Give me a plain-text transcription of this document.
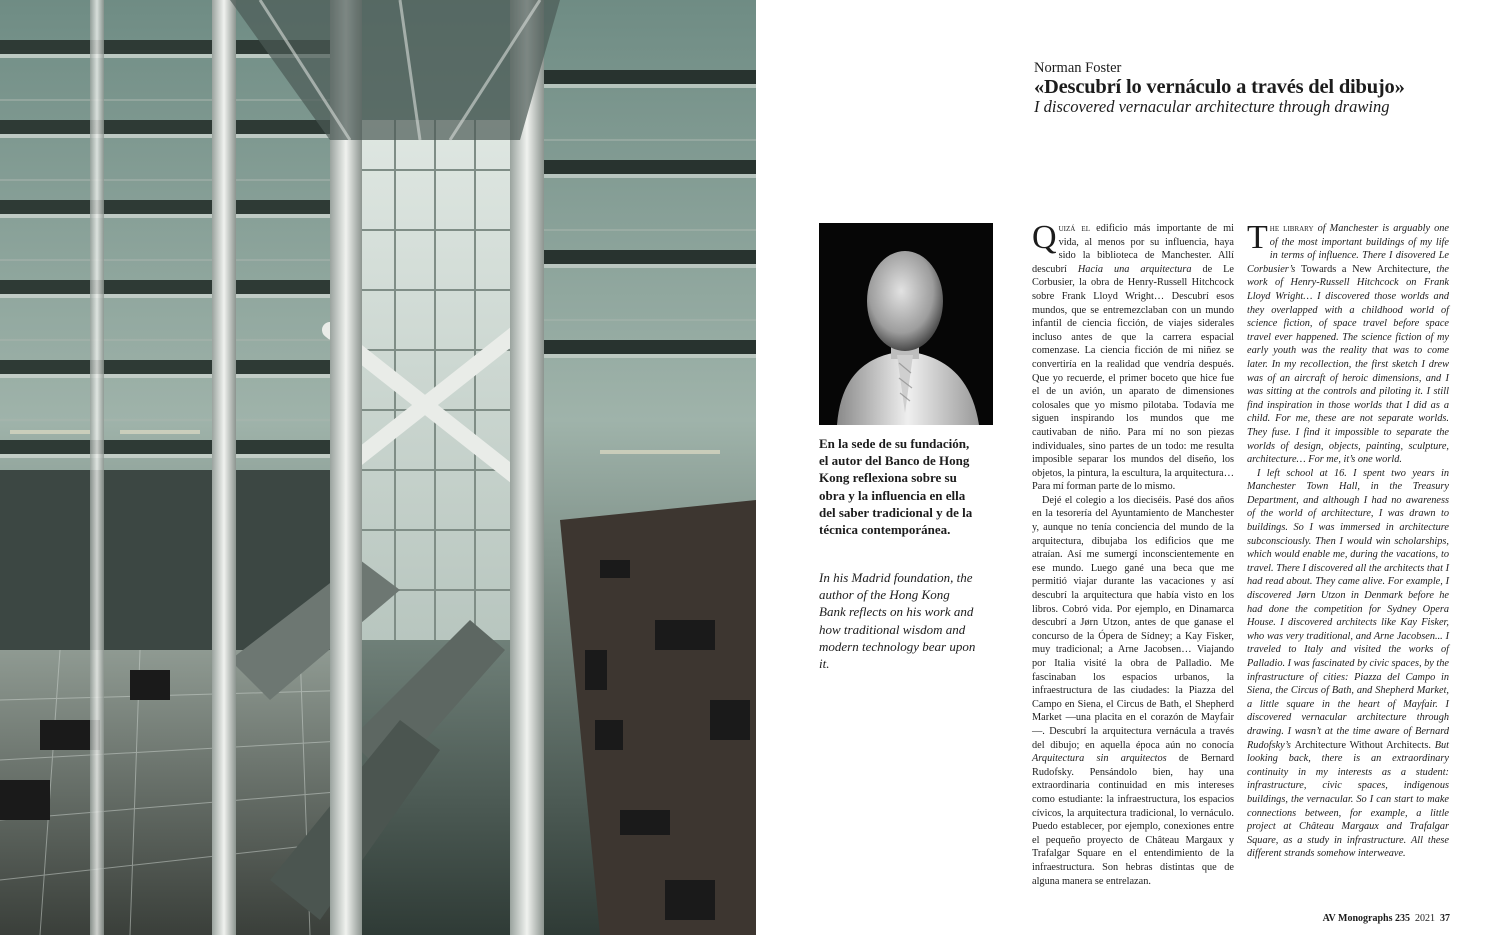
Norman Foster
«Descubrí lo vernáculo a través del dibujo»
I discovered vernacular architecture through drawing
En la sede de su fundación, el autor del Banco de Hong Kong reflexiona sobre su obra y la influencia en ella del saber tradicional y de la técnica contemporánea.
In his Madrid foundation, the author of the Hong Kong Bank reflects on his work and how traditional wisdom and modern technology bear upon it.

Quizá el edificio más importante de mi vida, al menos por su influencia, haya sido la biblioteca de Manchester. Allí descubrí Hacia una arquitectura de Le Corbusier, la obra de Henry-Russell Hitchcock sobre Frank Lloyd Wright… Descubrí esos mundos, que se entremezclaban con un mundo infantil de ciencia ficción, de viajes siderales incluso antes de que la carrera espacial comenzase. La ciencia ficción de mi niñez se convertiría en la realidad que vendría después. Que yo recuerde, el primer boceto que hice fue el de un avión, un aparato de dimensiones colosales que yo mismo pilotaba. Todavía me siguen inspirando los mundos que me cautivaban de niño. Para mí no son piezas individuales, sino partes de un todo: me resulta imposible separar los mundos del diseño, los objetos, la pintura, la escultura, la arquitectura… Para mí forman parte de lo mismo.

Dejé el colegio a los dieciséis. Pasé dos años en la tesorería del Ayuntamiento de Manchester y, aunque no tenía conciencia del mundo de la arquitectura, dibujaba los edificios que me atraían. Así me sumergí inconscientemente en ese mundo. Luego gané una beca que me permitió viajar durante las vacaciones y así descubrí la arquitectura que había visto en los libros. Cobró vida. Por ejemplo, en Dinamarca descubrí a Jørn Utzon, antes de que ganase el concurso de la Ópera de Sídney; a Kay Fisker, muy tradicional; a Arne Jacobsen… Viajando por Italia visité la obra de Palladio. Me fascinaban los espacios urbanos, la infraestructura de las ciudades: la Piazza del Campo en Siena, el Circus de Bath, el Shepherd Market —una placita en el corazón de Mayfair—. Descubrí la arquitectura vernácula a través del dibujo; en aquella época aún no conocía Arquitectura sin arquitectos de Bernard Rudofsky. Pensándolo bien, hay una extraordinaria continuidad en mis intereses como estudiante: la infraestructura, los espacios cívicos, la arquitectura tradicional, lo vernáculo. Puedo establecer, por ejemplo, conexiones entre el pequeño proyecto de Château Margaux y Trafalgar Square en el entendimiento de la infraestructura. Son hebras distintas que de alguna manera se entrelazan.

The library of Manchester is arguably one of the most important buildings of my life in terms of influence. There I disovered Le Corbusier’s Towards a New Architecture, the work of Henry-Russell Hitchcock on Frank Lloyd Wright… I discovered those worlds and they overlapped with a childhood world of science fiction, of space travel before space travel ever happened. The science fiction of my early youth was the reality that was to come later. In my recollection, the first sketch I drew was of an aircraft of heroic dimensions, and I was sitting at the controls and piloting it. I still find inspiration in those worlds that I did as a child. For me, these are not separate worlds. They fuse. I find it impossible to separate the worlds of design, objects, painting, sculpture, architecture… For me, it’s one world.

I left school at 16. I spent two years in Manchester Town Hall, in the Treasury Department, and although I had no awareness of the world of architecture, I was drawn to buildings. So I was immersed in architecture subconsciously. Then I would win scholarships, which would enable me, during the vacations, to travel. There I discovered all the architects that I had read about. They came alive. For example, I discovered Jørn Utzon in Denmark before he had done the competition for Sydney Opera House. I discovered architects like Kay Fisker, who was very traditional, and Arne Jacobsen... I traveled to Italy and visited the works of Palladio. I was fascinated by civic spaces, by the infrastructure of cities: Piazza del Campo in Siena, the Circus of Bath, and Shepherd Market, a little square in the heart of Mayfair. I discovered vernacular architecture through drawing. I wasn’t at the time aware of Bernard Rudofsky’s Architecture Without Architects. But looking back, there is an extraordinary continuity in my interests as a student: infrastructure, civic spaces, indigenous buildings, the vernacular. So I can start to make connections between, for example, a little project at Château Margaux and Trafalgar Square, as a study in infrastructure. All these different strands somehow interweave.

AV Monographs 235 2021 37
